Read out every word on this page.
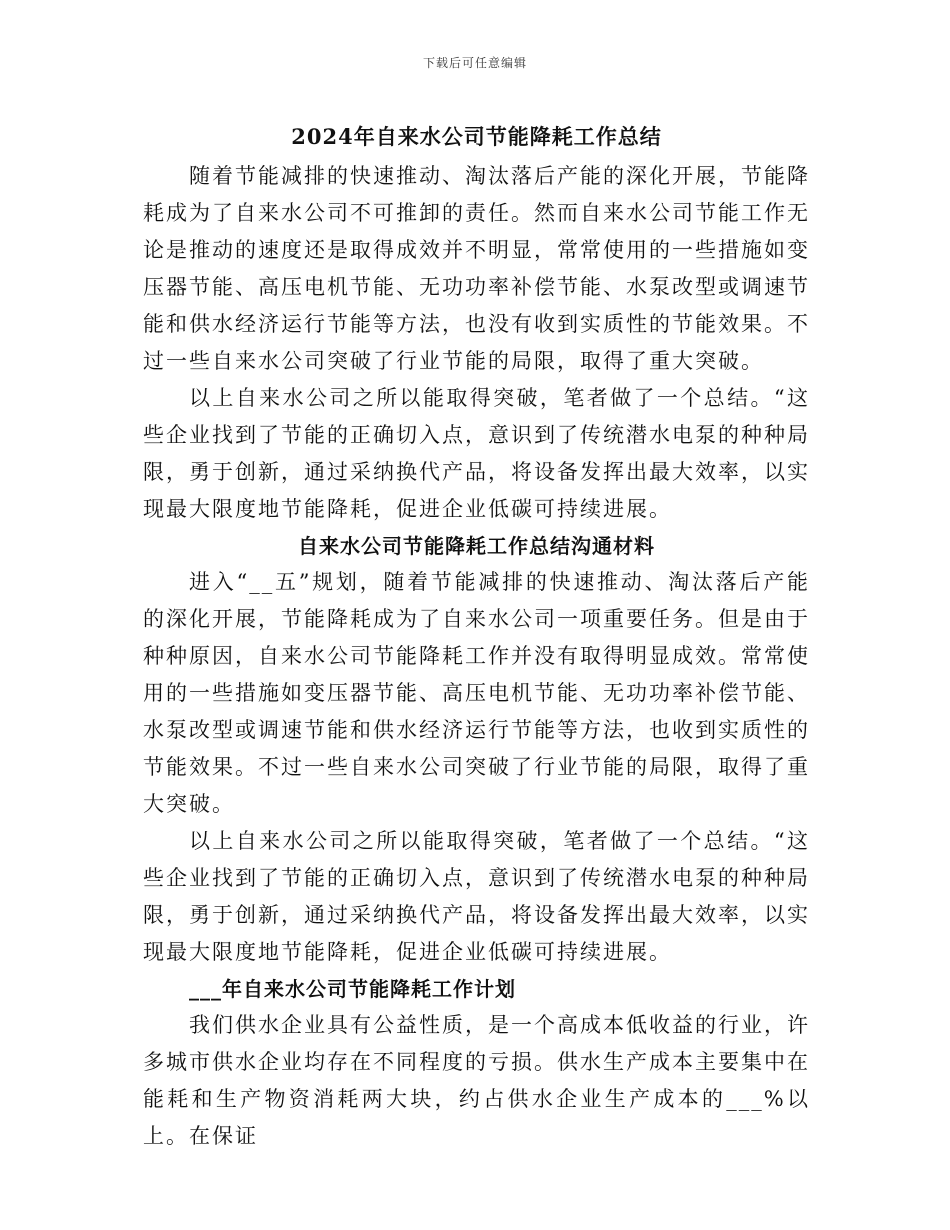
下载后可任意编辑
2024年自来水公司节能降耗工作总结

随着节能减排的快速推动、淘汰落后产能的深化开展，节能降耗成为了自来水公司不可推卸的责任。然而自来水公司节能工作无论是推动的速度还是取得成效并不明显，常常使用的一些措施如变压器节能、高压电机节能、无功功率补偿节能、水泵改型或调速节能和供水经济运行节能等方法，也没有收到实质性的节能效果。不过一些自来水公司突破了行业节能的局限，取得了重大突破。

以上自来水公司之所以能取得突破，笔者做了一个总结。“这些企业找到了节能的正确切入点，意识到了传统潜水电泵的种种局限，勇于创新，通过采纳换代产品，将设备发挥出最大效率，以实现最大限度地节能降耗，促进企业低碳可持续进展。

自来水公司节能降耗工作总结沟通材料

进入“__五”规划，随着节能减排的快速推动、淘汰落后产能的深化开展，节能降耗成为了自来水公司一项重要任务。但是由于种种原因，自来水公司节能降耗工作并没有取得明显成效。常常使用的一些措施如变压器节能、高压电机节能、无功功率补偿节能、水泵改型或调速节能和供水经济运行节能等方法，也收到实质性的节能效果。不过一些自来水公司突破了行业节能的局限，取得了重大突破。

以上自来水公司之所以能取得突破，笔者做了一个总结。“这些企业找到了节能的正确切入点，意识到了传统潜水电泵的种种局限，勇于创新，通过采纳换代产品，将设备发挥出最大效率，以实现最大限度地节能降耗，促进企业低碳可持续进展。

___年自来水公司节能降耗工作计划

我们供水企业具有公益性质，是一个高成本低收益的行业，许多城市供水企业均存在不同程度的亏损。供水生产成本主要集中在能耗和生产物资消耗两大块，约占供水企业生产成本的___%以上。在保证
